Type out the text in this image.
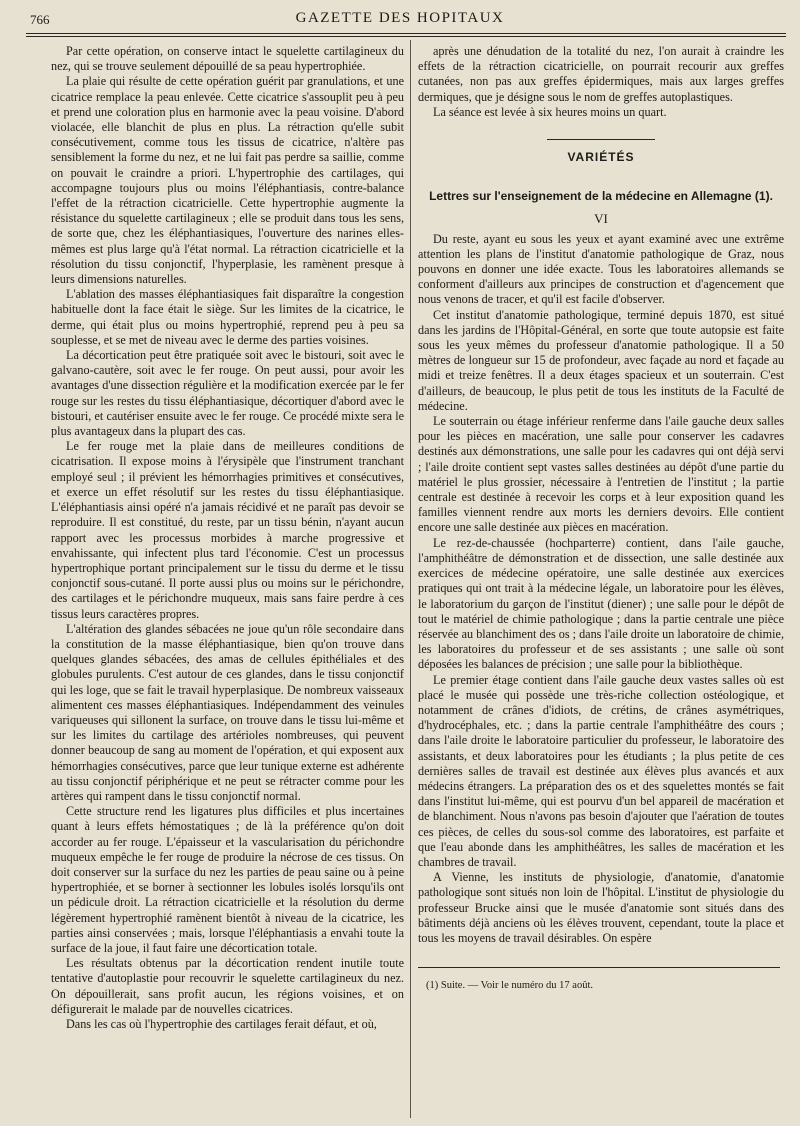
766	GAZETTE DES HOPITAUX

Par cette opération, on conserve intact le squelette cartilagineux du nez, qui se trouve seulement dépouillé de sa peau hypertrophiée.

La plaie qui résulte de cette opération guérit par granulations, et une cicatrice remplace la peau enlevée. Cette cicatrice s'assouplit peu à peu et prend une coloration plus en harmonie avec la peau voisine. D'abord violacée, elle blanchit de plus en plus. La rétraction qu'elle subit consécutivement, comme tous les tissus de cicatrice, n'altère pas sensiblement la forme du nez, et ne lui fait pas perdre sa saillie, comme on pouvait le craindre a priori. L'hypertrophie des cartilages, qui accompagne toujours plus ou moins l'éléphantiasis, contre-balance l'effet de la rétraction cicatricielle. Cette hypertrophie augmente la résistance du squelette cartilagineux ; elle se produit dans tous les sens, de sorte que, chez les éléphantiasiques, l'ouverture des narines elles-mêmes est plus large qu'à l'état normal. La rétraction cicatricielle et la résolution du tissu conjonctif, l'hyperplasie, les ramènent presque à leurs dimensions naturelles.

L'ablation des masses éléphantiasiques fait disparaître la congestion habituelle dont la face était le siège. Sur les limites de la cicatrice, le derme, qui était plus ou moins hypertrophié, reprend peu à peu sa souplesse, et se met de niveau avec le derme des parties voisines.

La décortication peut être pratiquée soit avec le bistouri, soit avec le galvano-cautère, soit avec le fer rouge. On peut aussi, pour avoir les avantages d'une dissection régulière et la modification exercée par le fer rouge sur les restes du tissu éléphantiasique, décortiquer d'abord avec le bistouri, et cautériser ensuite avec le fer rouge. Ce procédé mixte sera le plus avantageux dans la plupart des cas.

Le fer rouge met la plaie dans de meilleures conditions de cicatrisation. Il expose moins à l'érysipèle que l'instrument tranchant employé seul ; il prévient les hémorrhagies primitives et consécutives, et exerce un effet résolutif sur les restes du tissu éléphantiasique. L'éléphantiasis ainsi opéré n'a jamais récidivé et ne paraît pas devoir se reproduire. Il est constitué, du reste, par un tissu bénin, n'ayant aucun rapport avec les processus morbides à marche progressive et envahissante, qui infectent plus tard l'économie. C'est un processus hypertrophique portant principalement sur le tissu du derme et le tissu conjonctif sous-cutané. Il porte aussi plus ou moins sur le périchondre, des cartilages et le périchondre muqueux, mais sans faire perdre à ces tissus leurs caractères propres.

L'altération des glandes sébacées ne joue qu'un rôle secondaire dans la constitution de la masse éléphantiasique, bien qu'on trouve dans quelques glandes sébacées, des amas de cellules épithéliales et des globules purulents. C'est autour de ces glandes, dans le tissu conjonctif qui les loge, que se fait le travail hyperplasique. De nombreux vaisseaux alimentent ces masses éléphantiasiques. Indépendamment des veinules variqueuses qui sillonent la surface, on trouve dans le tissu lui-même et sur les limites du cartilage des artérioles nombreuses, qui peuvent donner beaucoup de sang au moment de l'opération, et qui exposent aux hémorrhagies consécutives, parce que leur tunique externe est adhérente au tissu conjonctif périphérique et ne peut se rétracter comme pour les artères qui rampent dans le tissu conjonctif normal.

Cette structure rend les ligatures plus difficiles et plus incertaines quant à leurs effets hémostatiques ; de là la préférence qu'on doit accorder au fer rouge. L'épaisseur et la vascularisation du périchondre muqueux empêche le fer rouge de produire la nécrose de ces tissus. On doit conserver sur la surface du nez les parties de peau saine ou à peine hypertrophiée, et se borner à sectionner les lobules isolés lorsqu'ils ont un pédicule droit. La rétraction cicatricielle et la résolution du derme légèrement hypertrophié ramènent bientôt à niveau de la cicatrice, les parties ainsi conservées ; mais, lorsque l'éléphantiasis a envahi toute la surface de la joue, il faut faire une décortication totale.

Les résultats obtenus par la décortication rendent inutile toute tentative d'autoplastie pour recouvrir le squelette cartilagineux du nez. On dépouillerait, sans profit aucun, les régions voisines, et on défigurerait le malade par de nouvelles cicatrices.

Dans les cas où l'hypertrophie des cartilages ferait défaut, et où,

après une dénudation de la totalité du nez, l'on aurait à craindre les effets de la rétraction cicatricielle, on pourrait recourir aux greffes cutanées, non pas aux greffes épidermiques, mais aux larges greffes dermiques, que je désigne sous le nom de greffes autoplastiques.

La séance est levée à six heures moins un quart.

VARIÉTÉS
Lettres sur l'enseignement de la médecine en Allemagne (1).
VI

Du reste, ayant eu sous les yeux et ayant examiné avec une extrême attention les plans de l'institut d'anatomie pathologique de Graz, nous pouvons en donner une idée exacte. Tous les laboratoires allemands se conforment d'ailleurs aux principes de construction et d'agencement que nous venons de tracer, et qu'il est facile d'observer.

Cet institut d'anatomie pathologique, terminé depuis 1870, est situé dans les jardins de l'Hôpital-Général, en sorte que toute autopsie est faite sous les yeux mêmes du professeur d'anatomie pathologique. Il a 50 mètres de longueur sur 15 de profondeur, avec façade au nord et façade au midi et treize fenêtres. Il a deux étages spacieux et un souterrain. C'est d'ailleurs, de beaucoup, le plus petit de tous les instituts de la Faculté de médecine.

Le souterrain ou étage inférieur renferme dans l'aile gauche deux salles pour les pièces en macération, une salle pour conserver les cadavres destinés aux démonstrations, une salle pour les cadavres qui ont déjà servi ; l'aile droite contient sept vastes salles destinées au dépôt d'une partie du matériel le plus grossier, nécessaire à l'entretien de l'institut ; la partie centrale est destinée à recevoir les corps et à leur exposition quand les familles viennent rendre aux morts les derniers devoirs. Elle contient encore une salle destinée aux pièces en macération.

Le rez-de-chaussée (hochparterre) contient, dans l'aile gauche, l'amphithéâtre de démonstration et de dissection, une salle destinée aux exercices de médecine opératoire, une salle destinée aux exercices pratiques qui ont trait à la médecine légale, un laboratoire pour les élèves, le laboratorium du garçon de l'institut (diener) ; une salle pour le dépôt de tout le matériel de chimie pathologique ; dans la partie centrale une pièce réservée au blanchiment des os ; dans l'aile droite un laboratoire de chimie, les laboratoires du professeur et de ses assistants ; une salle où sont déposées les balances de précision ; une salle pour la bibliothèque.

Le premier étage contient dans l'aile gauche deux vastes salles où est placé le musée qui possède une très-riche collection ostéologique, et notamment de crânes d'idiots, de crétins, de crânes asymétriques, d'hydrocéphales, etc. ; dans la partie centrale l'amphithéâtre des cours ; dans l'aile droite le laboratoire particulier du professeur, le laboratoire des assistants, et deux laboratoires pour les étudiants ; la plus petite de ces dernières salles de travail est destinée aux élèves plus avancés et aux médecins étrangers. La préparation des os et des squelettes montés se fait dans l'institut lui-même, qui est pourvu d'un bel appareil de macération et de blanchiment. Nous n'avons pas besoin d'ajouter que l'aération de toutes ces pièces, de celles du sous-sol comme des laboratoires, est parfaite et que l'eau abonde dans les amphithéâtres, les salles de macération et les chambres de travail.

A Vienne, les instituts de physiologie, d'anatomie, d'anatomie pathologique sont situés non loin de l'hôpital. L'institut de physiologie du professeur Brucke ainsi que le musée d'anatomie sont situés dans des bâtiments déjà anciens où les élèves trouvent, cependant, toute la place et tous les moyens de travail désirables. On espère

(1) Suite. — Voir le numéro du 17 août.
